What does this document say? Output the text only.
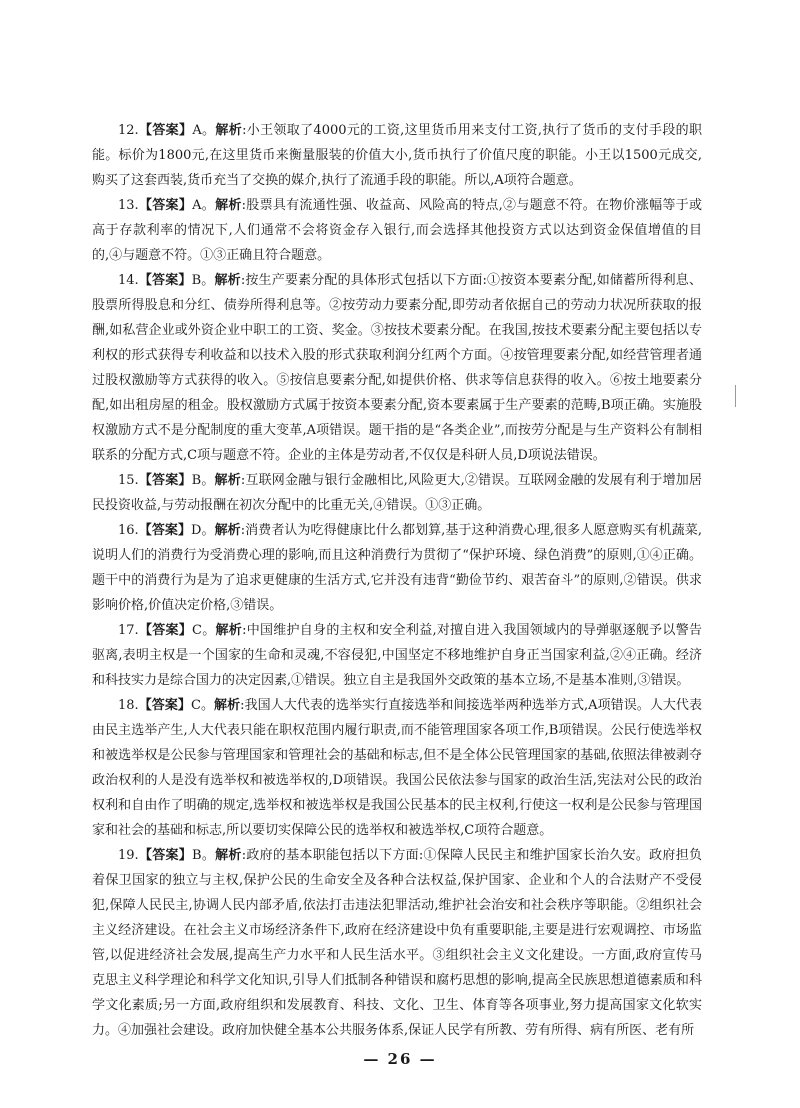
12.【答案】A。解析:小王领取了4000元的工资,这里货币用来支付工资,执行了货币的支付手段的职能。标价为1800元,在这里货币来衡量服装的价值大小,货币执行了价值尺度的职能。小王以1500元成交,购买了这套西装,货币充当了交换的媒介,执行了流通手段的职能。所以,A项符合题意。

13.【答案】A。解析:股票具有流通性强、收益高、风险高的特点,②与题意不符。在物价涨幅等于或高于存款利率的情况下,人们通常不会将资金存入银行,而会选择其他投资方式以达到资金保值增值的目的,④与题意不符。①③正确且符合题意。

14.【答案】B。解析:按生产要素分配的具体形式包括以下方面:①按资本要素分配,如储蓄所得利息、股票所得股息和分红、债券所得利息等。②按劳动力要素分配,即劳动者依据自己的劳动力状况所获取的报酬,如私营企业或外资企业中职工的工资、奖金。③按技术要素分配。在我国,按技术要素分配主要包括以专利权的形式获得专利收益和以技术入股的形式获取利润分红两个方面。④按管理要素分配,如经营管理者通过股权激励等方式获得的收入。⑤按信息要素分配,如提供价格、供求等信息获得的收入。⑥按土地要素分配,如出租房屋的租金。股权激励方式属于按资本要素分配,资本要素属于生产要素的范畴,B项正确。实施股权激励方式不是分配制度的重大变革,A项错误。题干指的是“各类企业”,而按劳分配是与生产资料公有制相联系的分配方式,C项与题意不符。企业的主体是劳动者,不仅仅是科研人员,D项说法错误。

15.【答案】B。解析:互联网金融与银行金融相比,风险更大,②错误。互联网金融的发展有利于增加居民投资收益,与劳动报酬在初次分配中的比重无关,④错误。①③正确。

16.【答案】D。解析:消费者认为吃得健康比什么都划算,基于这种消费心理,很多人愿意购买有机蔬菜,说明人们的消费行为受消费心理的影响,而且这种消费行为贯彻了“保护环境、绿色消费”的原则,①④正确。题干中的消费行为是为了追求更健康的生活方式,它并没有违背“勤俭节约、艰苦奋斗”的原则,②错误。供求影响价格,价值决定价格,③错误。

17.【答案】C。解析:中国维护自身的主权和安全利益,对擅自进入我国领域内的导弹驱逐舰予以警告驱离,表明主权是一个国家的生命和灵魂,不容侵犯,中国坚定不移地维护自身正当国家利益,②④正确。经济和科技实力是综合国力的决定因素,①错误。独立自主是我国外交政策的基本立场,不是基本准则,③错误。

18.【答案】C。解析:我国人大代表的选举实行直接选举和间接选举两种选举方式,A项错误。人大代表由民主选举产生,人大代表只能在职权范围内履行职责,而不能管理国家各项工作,B项错误。公民行使选举权和被选举权是公民参与管理国家和管理社会的基础和标志,但不是全体公民管理国家的基础,依照法律被剥夺政治权利的人是没有选举权和被选举权的,D项错误。我国公民依法参与国家的政治生活,宪法对公民的政治权利和自由作了明确的规定,选举权和被选举权是我国公民基本的民主权利,行使这一权利是公民参与管理国家和社会的基础和标志,所以要切实保障公民的选举权和被选举权,C项符合题意。

19.【答案】B。解析:政府的基本职能包括以下方面:①保障人民民主和维护国家长治久安。政府担负着保卫国家的独立与主权,保护公民的生命安全及各种合法权益,保护国家、企业和个人的合法财产不受侵犯,保障人民民主,协调人民内部矛盾,依法打击违法犯罪活动,维护社会治安和社会秩序等职能。②组织社会主义经济建设。在社会主义市场经济条件下,政府在经济建设中负有重要职能,主要是进行宏观调控、市场监管,以促进经济社会发展,提高生产力水平和人民生活水平。③组织社会主义文化建设。一方面,政府宣传马克思主义科学理论和科学文化知识,引导人们抵制各种错误和腐朽思想的影响,提高全民族思想道德素质和科学文化素质;另一方面,政府组织和发展教育、科技、文化、卫生、体育等各项事业,努力提高国家文化软实力。④加强社会建设。政府加快健全基本公共服务体系,保证人民学有所教、劳有所得、病有所医、老有所

— 26 —
